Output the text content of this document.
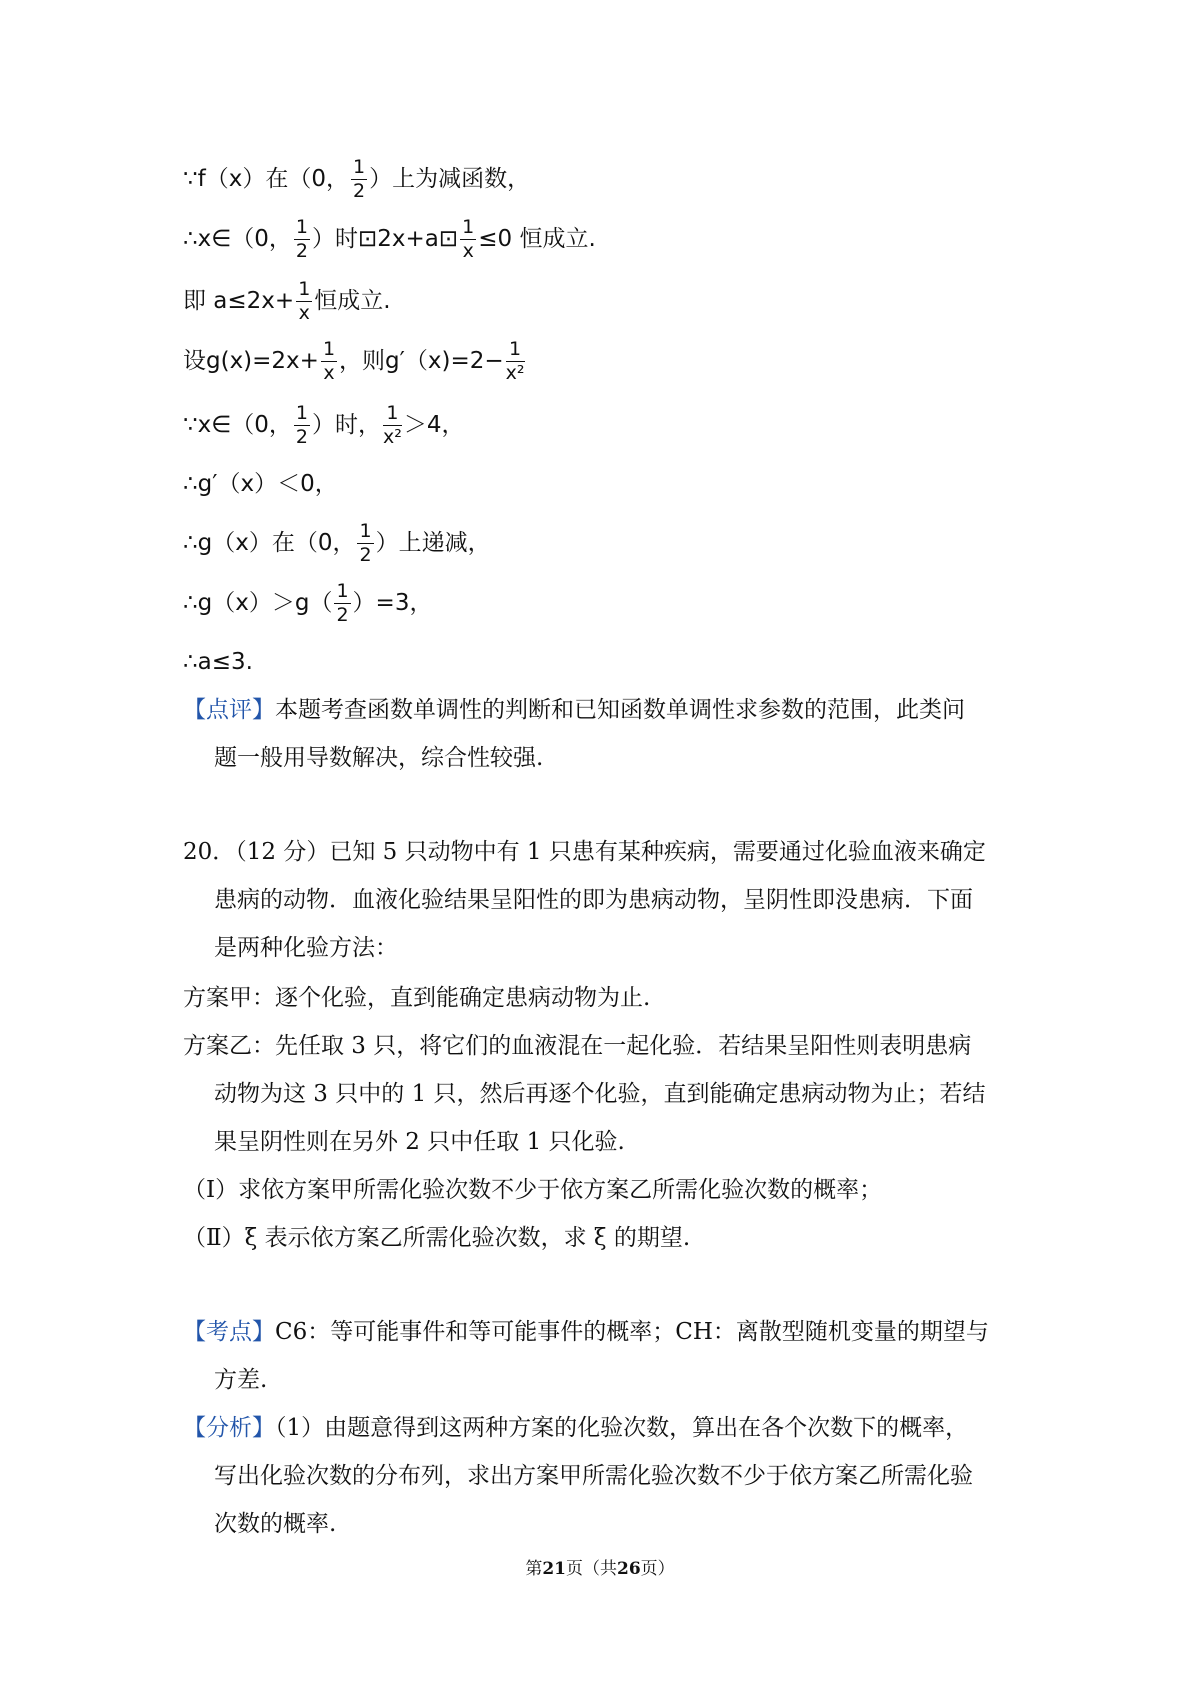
∵f（x）在（0， $\frac{1}{2}$ ）上为减函数，
∴x∈（0， $\frac{1}{2}$ ）时⊡2x+a⊡ $\frac{1}{x} \le 0$ 恒成立.
即 $a\le 2x+ \frac{1}{x}$ 恒成立.
设$g(x)=2x+ \frac{1}{x}$ ，则$g'(x)=2- \frac{1}{\text{x²}}$
∵x∈（0， $\frac{1}{2}$ ）时， $\frac{1}{\text{x²}} >4$，
∴g′（x）＜0，
∴g（x）在（0， $\frac{1}{2}$ ）上递减，
∴g（x）＞g（ $\frac{1}{2} )=3$，
∴a≤3.
【点评】本题考查函数单调性的判断和已知函数单调性求参数的范围，此类问
题一般用导数解决，综合性较强.
20．（12 分）已知 5 只动物中有 1 只患有某种疾病，需要通过化验血液来确定
患病的动物．血液化验结果呈阳性的即为患病动物，呈阴性即没患病．下面
是两种化验方法：
方案甲：逐个化验，直到能确定患病动物为止.
方案乙：先任取 3 只，将它们的血液混在一起化验．若结果呈阳性则表明患病
动物为这 3 只中的 1 只，然后再逐个化验，直到能确定患病动物为止；若结
果呈阴性则在另外 2 只中任取 1 只化验.
（Ⅰ）求依方案甲所需化验次数不少于依方案乙所需化验次数的概率；
（Ⅱ）ξ 表示依方案乙所需化验次数，求 ξ 的期望.
【考点】C6：等可能事件和等可能事件的概率；CH：离散型随机变量的期望与
方差.
【分析】（1）由题意得到这两种方案的化验次数，算出在各个次数下的概率，
写出化验次数的分布列，求出方案甲所需化验次数不少于依方案乙所需化验
次数的概率.
第21页（共26页）
